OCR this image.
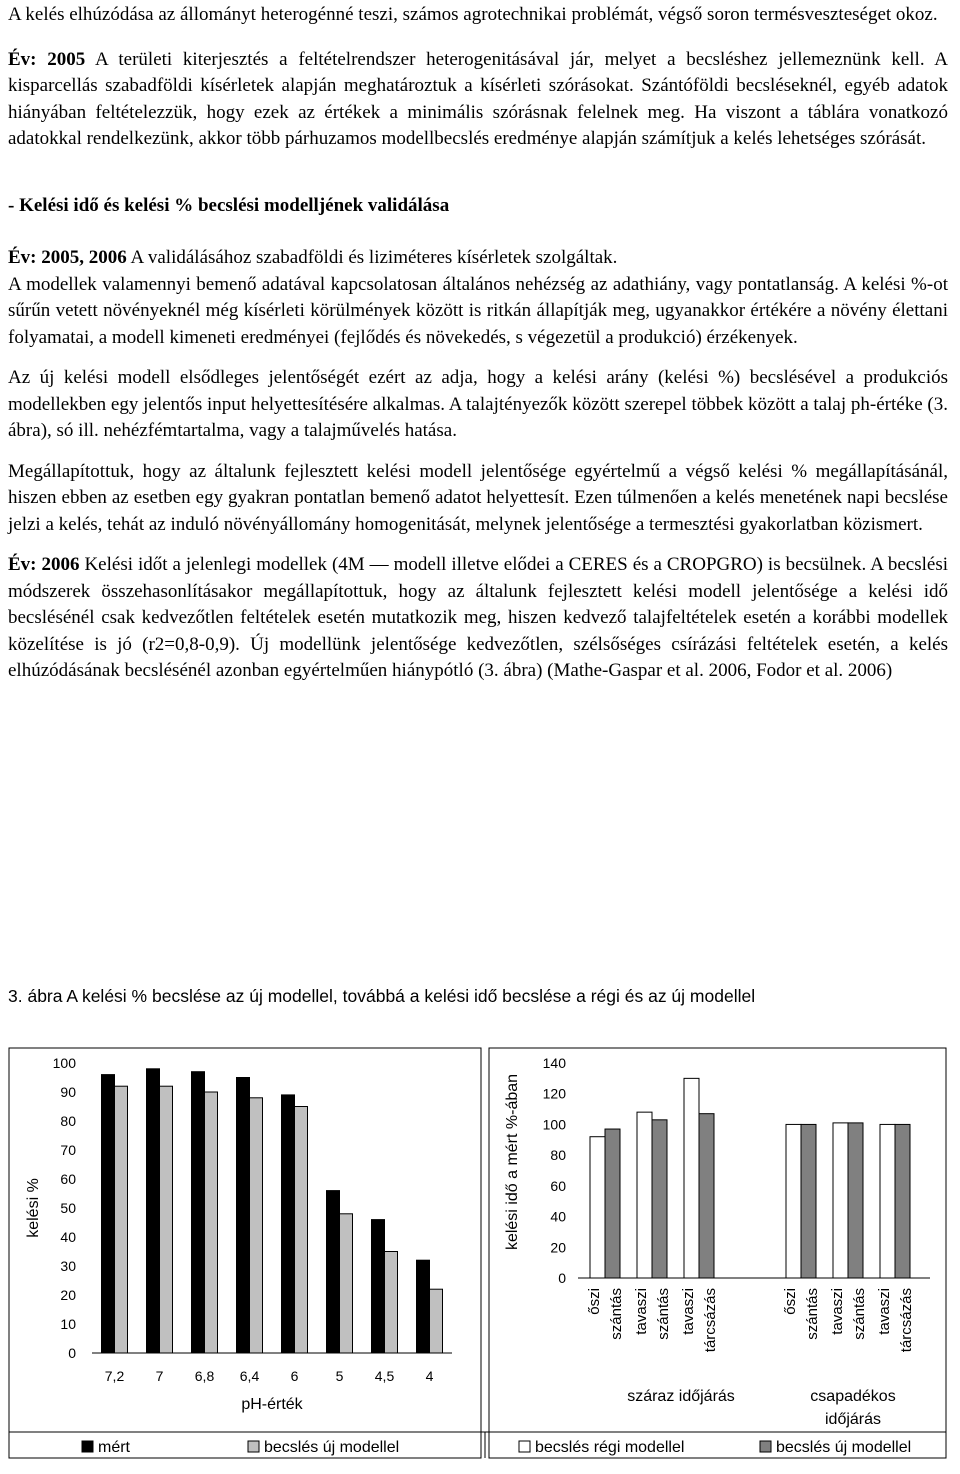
A kelés elhúzódása az állományt heterogénné teszi, számos agrotechnikai problémát, végső soron termésveszteséget okoz.

Év: 2005 A területi kiterjesztés a feltételrendszer heterogenitásával jár, melyet a becsléshez jellemeznünk kell. A kisparcellás szabadföldi kísérletek alapján meghatároztuk a kísérleti szórásokat. Szántóföldi becsléseknél, egyéb adatok hiányában feltételezzük, hogy ezek az értékek a minimális szórásnak felelnek meg. Ha viszont a táblára vonatkozó adatokkal rendelkezünk, akkor több párhuzamos modellbecslés eredménye alapján számítjuk a kelés lehetséges szórását.

- Kelési idő és kelési % becslési modelljének validálása

Év: 2005, 2006 A validálásához szabadföldi és liziméteres kísérletek szolgáltak.

A modellek valamennyi bemenő adatával kapcsolatosan általános nehézség az adathiány, vagy pontatlanság. A kelési %-ot sűrűn vetett növényeknél még kísérleti körülmények között is ritkán állapítják meg, ugyanakkor értékére a növény élettani folyamatai, a modell kimeneti eredményei (fejlődés és növekedés, s végezetül a produkció) érzékenyek.

Az új kelési modell elsődleges jelentőségét ezért az adja, hogy a kelési arány (kelési %) becslésével a produkciós modellekben egy jelentős input helyettesítésére alkalmas. A talajtényezők között szerepel többek között a talaj ph-értéke (3. ábra), só ill. nehézfémtartalma, vagy a talajművelés hatása.

Megállapítottuk, hogy az általunk fejlesztett kelési modell jelentősége egyértelmű a végső kelési % megállapításánál, hiszen ebben az esetben egy gyakran pontatlan bemenő adatot helyettesít. Ezen túlmenően a kelés menetének napi becslése jelzi a kelés, tehát az induló növényállomány homogenitását, melynek jelentősége a termesztési gyakorlatban közismert.

Év: 2006 Kelési időt a jelenlegi modellek (4M — modell illetve elődei a CERES és a CROPGRO) is becsülnek. A becslési módszerek összehasonlításakor megállapítottuk, hogy az általunk fejlesztett kelési modell jelentősége a kelési idő becslésénél csak kedvezőtlen feltételek esetén mutatkozik meg, hiszen kedvező talajfeltételek esetén a korábbi modellek közelítése is jó (r2=0,8-0,9). Új modellünk jelentősége kedvezőtlen, szélsőséges csírázási feltételek esetén, a kelés elhúzódásának becslésénél azonban egyértelműen hiánypótló (3. ábra) (Mathe-Gaspar et al. 2006, Fodor et al. 2006)

3. ábra A kelési % becslése az új modellel, továbbá a kelési idő becslése a régi és az új modellel
0
10
20
30
40
50
60
70
80
90
100
kelési %
7,2 7 6,8 6,4 6	5 4,5 4
pH-érték
mért	becslés új modellel
0
20
40
60
80
100
120
140
kelési idő a mért %-ában
őszi szántás tavaszi szántás tavaszi tárcsázás	őszi szántás tavaszi szántás tavaszi tárcsázás
száraz időjárás	csapadékos
időjárás
becslés régi modellel	becslés új modellel
